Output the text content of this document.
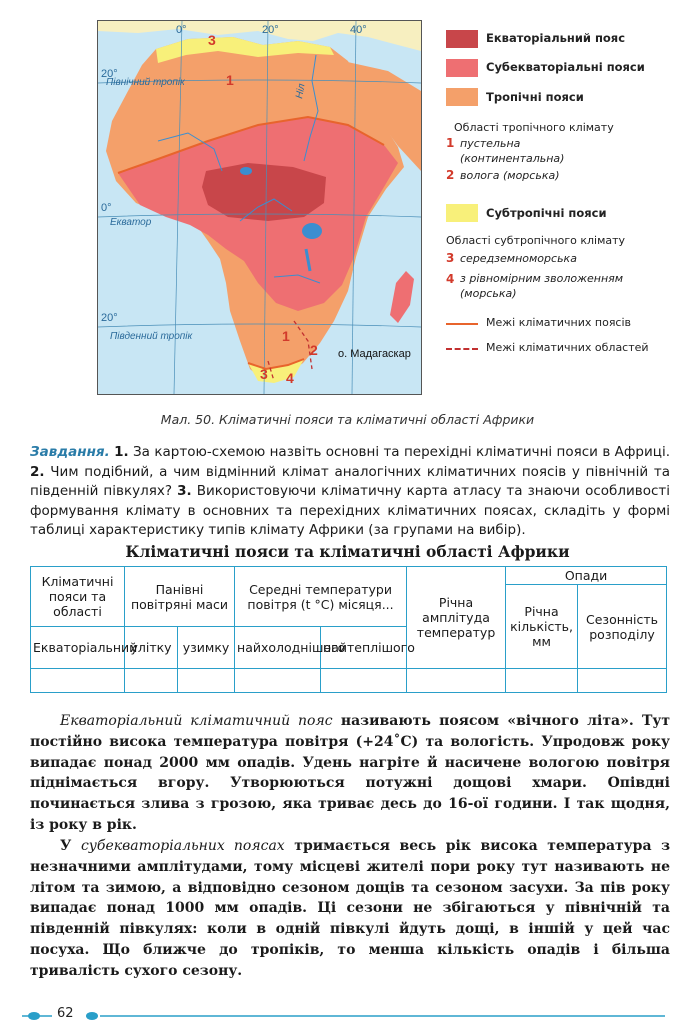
0°	20°	40°
20°
0°
20°
Північний тропік
Екватор
Південний тропік
Ніл
о. Мадагаскар
3
1
1
2
3 4
Екваторіальний пояс
Субекваторіальні пояси
Тропічні пояси
Області тропічного клімату
1 пустельна
(континентальна)
2 волога (морська)
Субтропічні пояси
Області субтропічного клімату
3 середземноморська
4 з рівномірним зволоженням
(морська)
Межі кліматичних поясів
Межі кліматичних областей
Мал. 50. Кліматичні пояси та кліматичні області Африки
Завдання. 1. За картою-схемою назвіть основні та перехідні кліматичні пояси в Африці. 2. Чим подібний, а чим відмінний клімат аналогічних кліматичних поясів у північній та південній півкулях? 3. Використовуючи кліматичну карта атласу та знаючи особливості формування клімату в основних та перехідних кліматичних поясах, складіть у формі таблиці характеристику типів клімату Африки (за групами на вибір).
Кліматичні пояси та кліматичні області Африки
Кліматичні пояси та області	Панівні повітряні маси		Середні температури повітря (t °С) місяця...		Річна амплітуда температур	Опади	
						Річна кількість, мм	Сезонність розподілу
Екваторіальний	улітку	узимку	найхолоднішого	найтеплішого			

Екваторіальний кліматичний пояс називають поясом «вічного літа». Тут постійно висока температура повітря (+24˚С) та вологість. Упродовж року випадає понад 2000 мм опадів. Удень нагріте й насичене вологою повітря піднімається вгору. Утворюються потужні дощові хмари. Опівдні починається злива з грозою, яка триває десь до 16-ої години. І так щодня, із року в рік.
У субекваторіальних поясах тримається весь рік висока температура з незначними амплітудами, тому місцеві жителі пори року тут називають не літом та зимою, а відповідно сезоном дощів та сезоном засухи. За пів року випадає понад 1000 мм опадів. Ці сезони не збігаються у північній та південній півкулях: коли в одній півкулі йдуть дощі, в іншій у цей час посуха. Що ближче до тропіків, то менша кількість опадів і більша тривалість сухого сезону.
62
